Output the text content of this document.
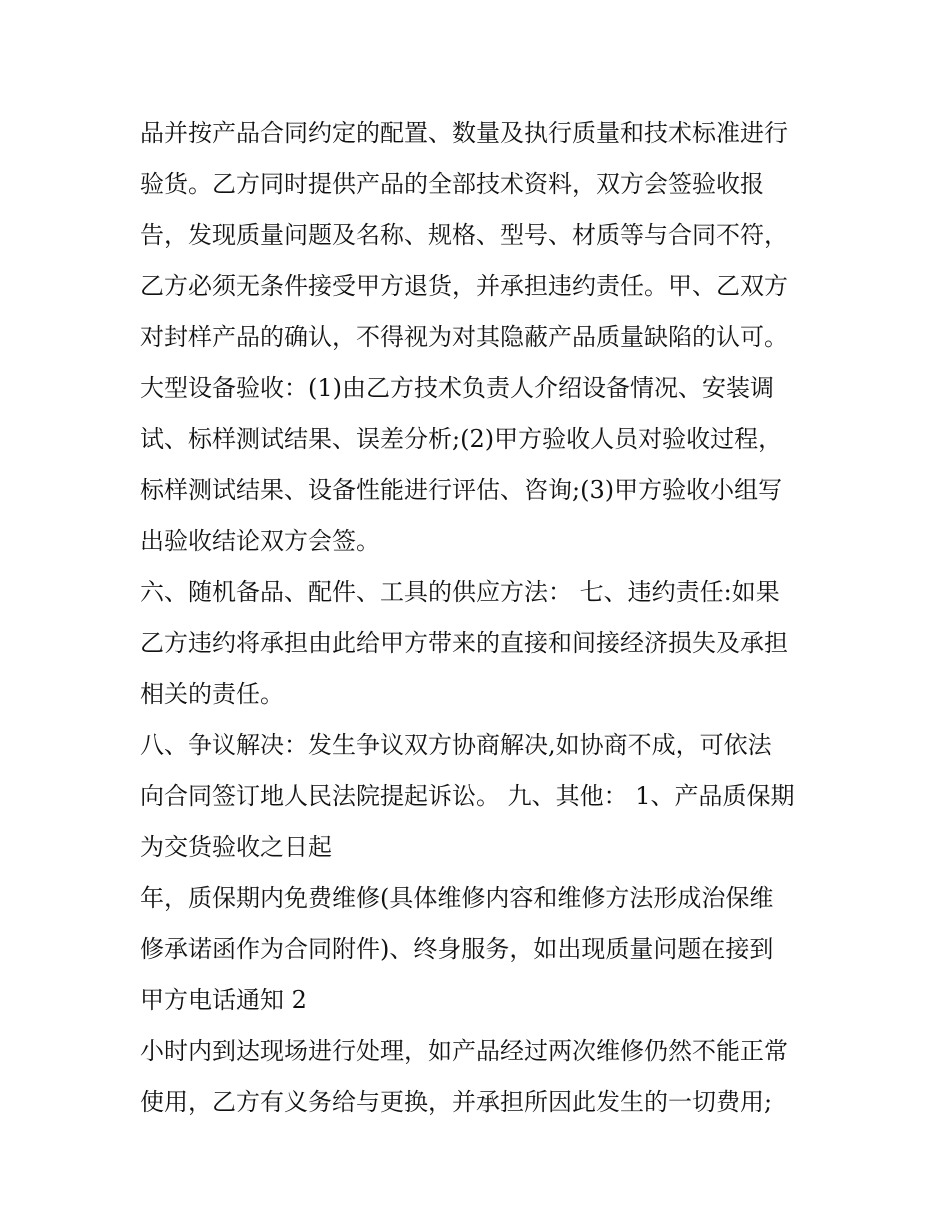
品并按产品合同约定的配置、数量及执行质量和技术标准进行
验货。乙方同时提供产品的全部技术资料，双方会签验收报
告，发现质量问题及名称、规格、型号、材质等与合同不符，
乙方必须无条件接受甲方退货，并承担违约责任。甲、乙双方
对封样产品的确认，不得视为对其隐蔽产品质量缺陷的认可。
大型设备验收：(1)由乙方技术负责人介绍设备情况、安装调
试、标样测试结果、误差分析;(2)甲方验收人员对验收过程，
标样测试结果、设备性能进行评估、咨询;(3)甲方验收小组写
出验收结论双方会签。
六、随机备品、配件、工具的供应方法： 七、违约责任:如果
乙方违约将承担由此给甲方带来的直接和间接经济损失及承担
相关的责任。
八、争议解决：发生争议双方协商解决,如协商不成，可依法
向合同签订地人民法院提起诉讼。 九、其他： 1、产品质保期
为交货验收之日起
年，质保期内免费维修(具体维修内容和维修方法形成治保维
修承诺函作为合同附件)、终身服务，如出现质量问题在接到
甲方电话通知 2
小时内到达现场进行处理，如产品经过两次维修仍然不能正常
使用，乙方有义务给与更换，并承担所因此发生的一切费用;
